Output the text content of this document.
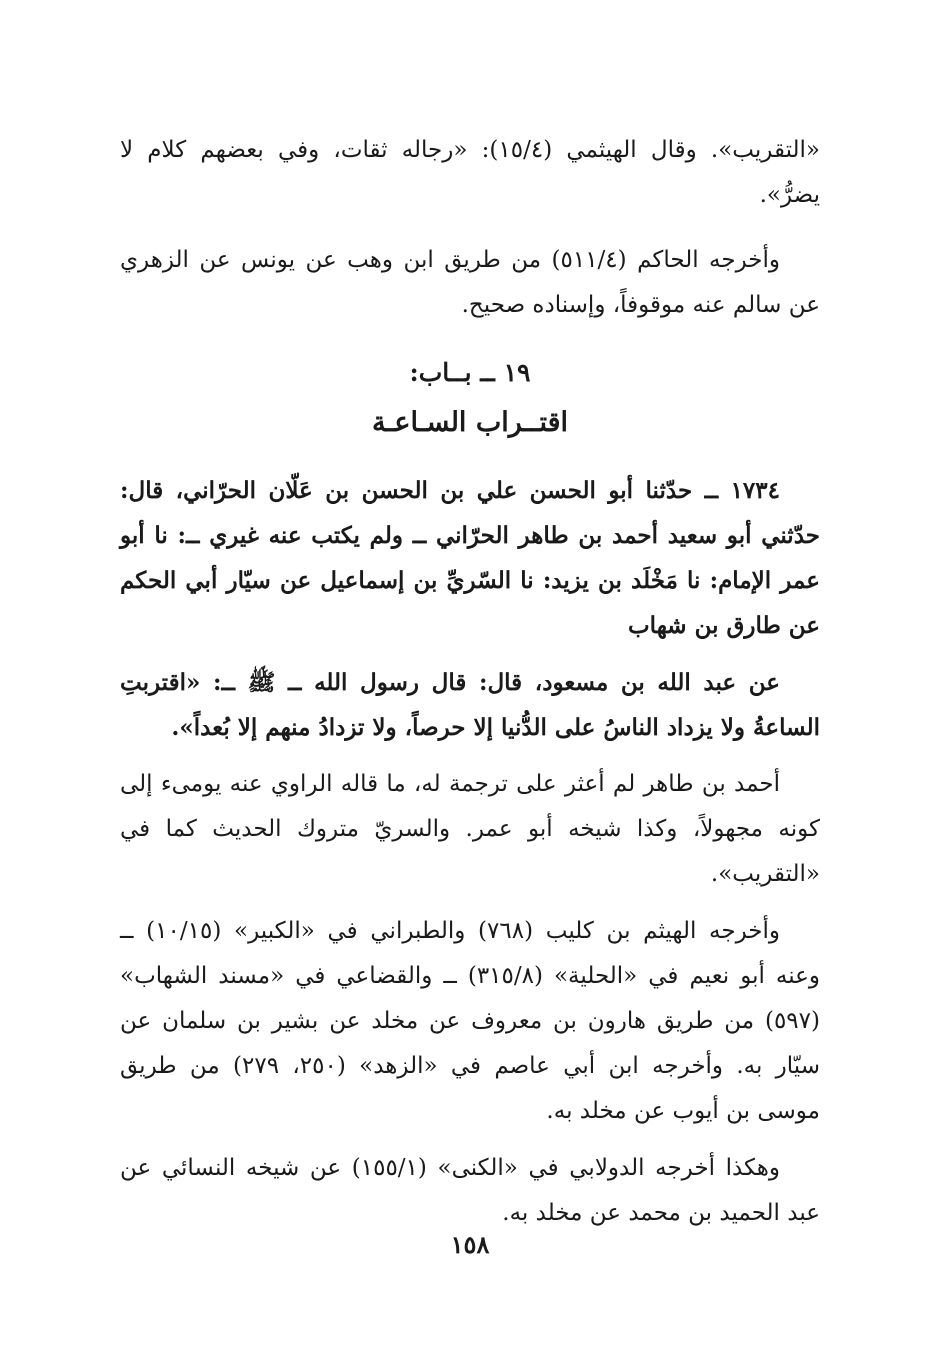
«التقريب». وقال الهيثمي (١٥/٤): «رجاله ثقات، وفي بعضهم كلام لا يضرُّ».

وأخرجه الحاكم (٥١١/٤) من طريق ابن وهب عن يونس عن الزهري عن سالم عنه موقوفاً، وإسناده صحيح.

١٩ ــ بــاب:

اقتــراب السـاعـة

١٧٣٤ ــ حدّثنا أبو الحسن علي بن الحسن بن عَلّان الحرّاني، قال: حدّثني أبو سعيد أحمد بن طاهر الحرّاني ــ ولم يكتب عنه غيري ــ: نا أبو عمر الإمام: نا مَخْلَد بن يزيد: نا السّريِّ بن إسماعيل عن سيّار أبي الحكم عن طارق بن شهاب

عن عبد الله بن مسعود، قال: قال رسول الله ــ ﷺ ــ: «اقتربتِ الساعةُ ولا يزداد الناسُ على الدُّنيا إلا حرصاً، ولا تزدادُ منهم إلا بُعداً».

أحمد بن طاهر لم أعثر على ترجمة له، ما قاله الراوي عنه يومىء إلى كونه مجهولاً، وكذا شيخه أبو عمر. والسريّ متروك الحديث كما في «التقريب».

وأخرجه الهيثم بن كليب (٧٦٨) والطبراني في «الكبير» (١٠/١٥) ــ وعنه أبو نعيم في «الحلية» (٣١٥/٨) ــ والقضاعي في «مسند الشهاب» (٥٩٧) من طريق هارون بن معروف عن مخلد عن بشير بن سلمان عن سيّار به. وأخرجه ابن أبي عاصم في «الزهد» (٢٥٠، ٢٧٩) من طريق موسى بن أيوب عن مخلد به.

وهكذا أخرجه الدولابي في «الكنى» (١٥٥/١) عن شيخه النسائي عن عبد الحميد بن محمد عن مخلد به.

١٥٨
